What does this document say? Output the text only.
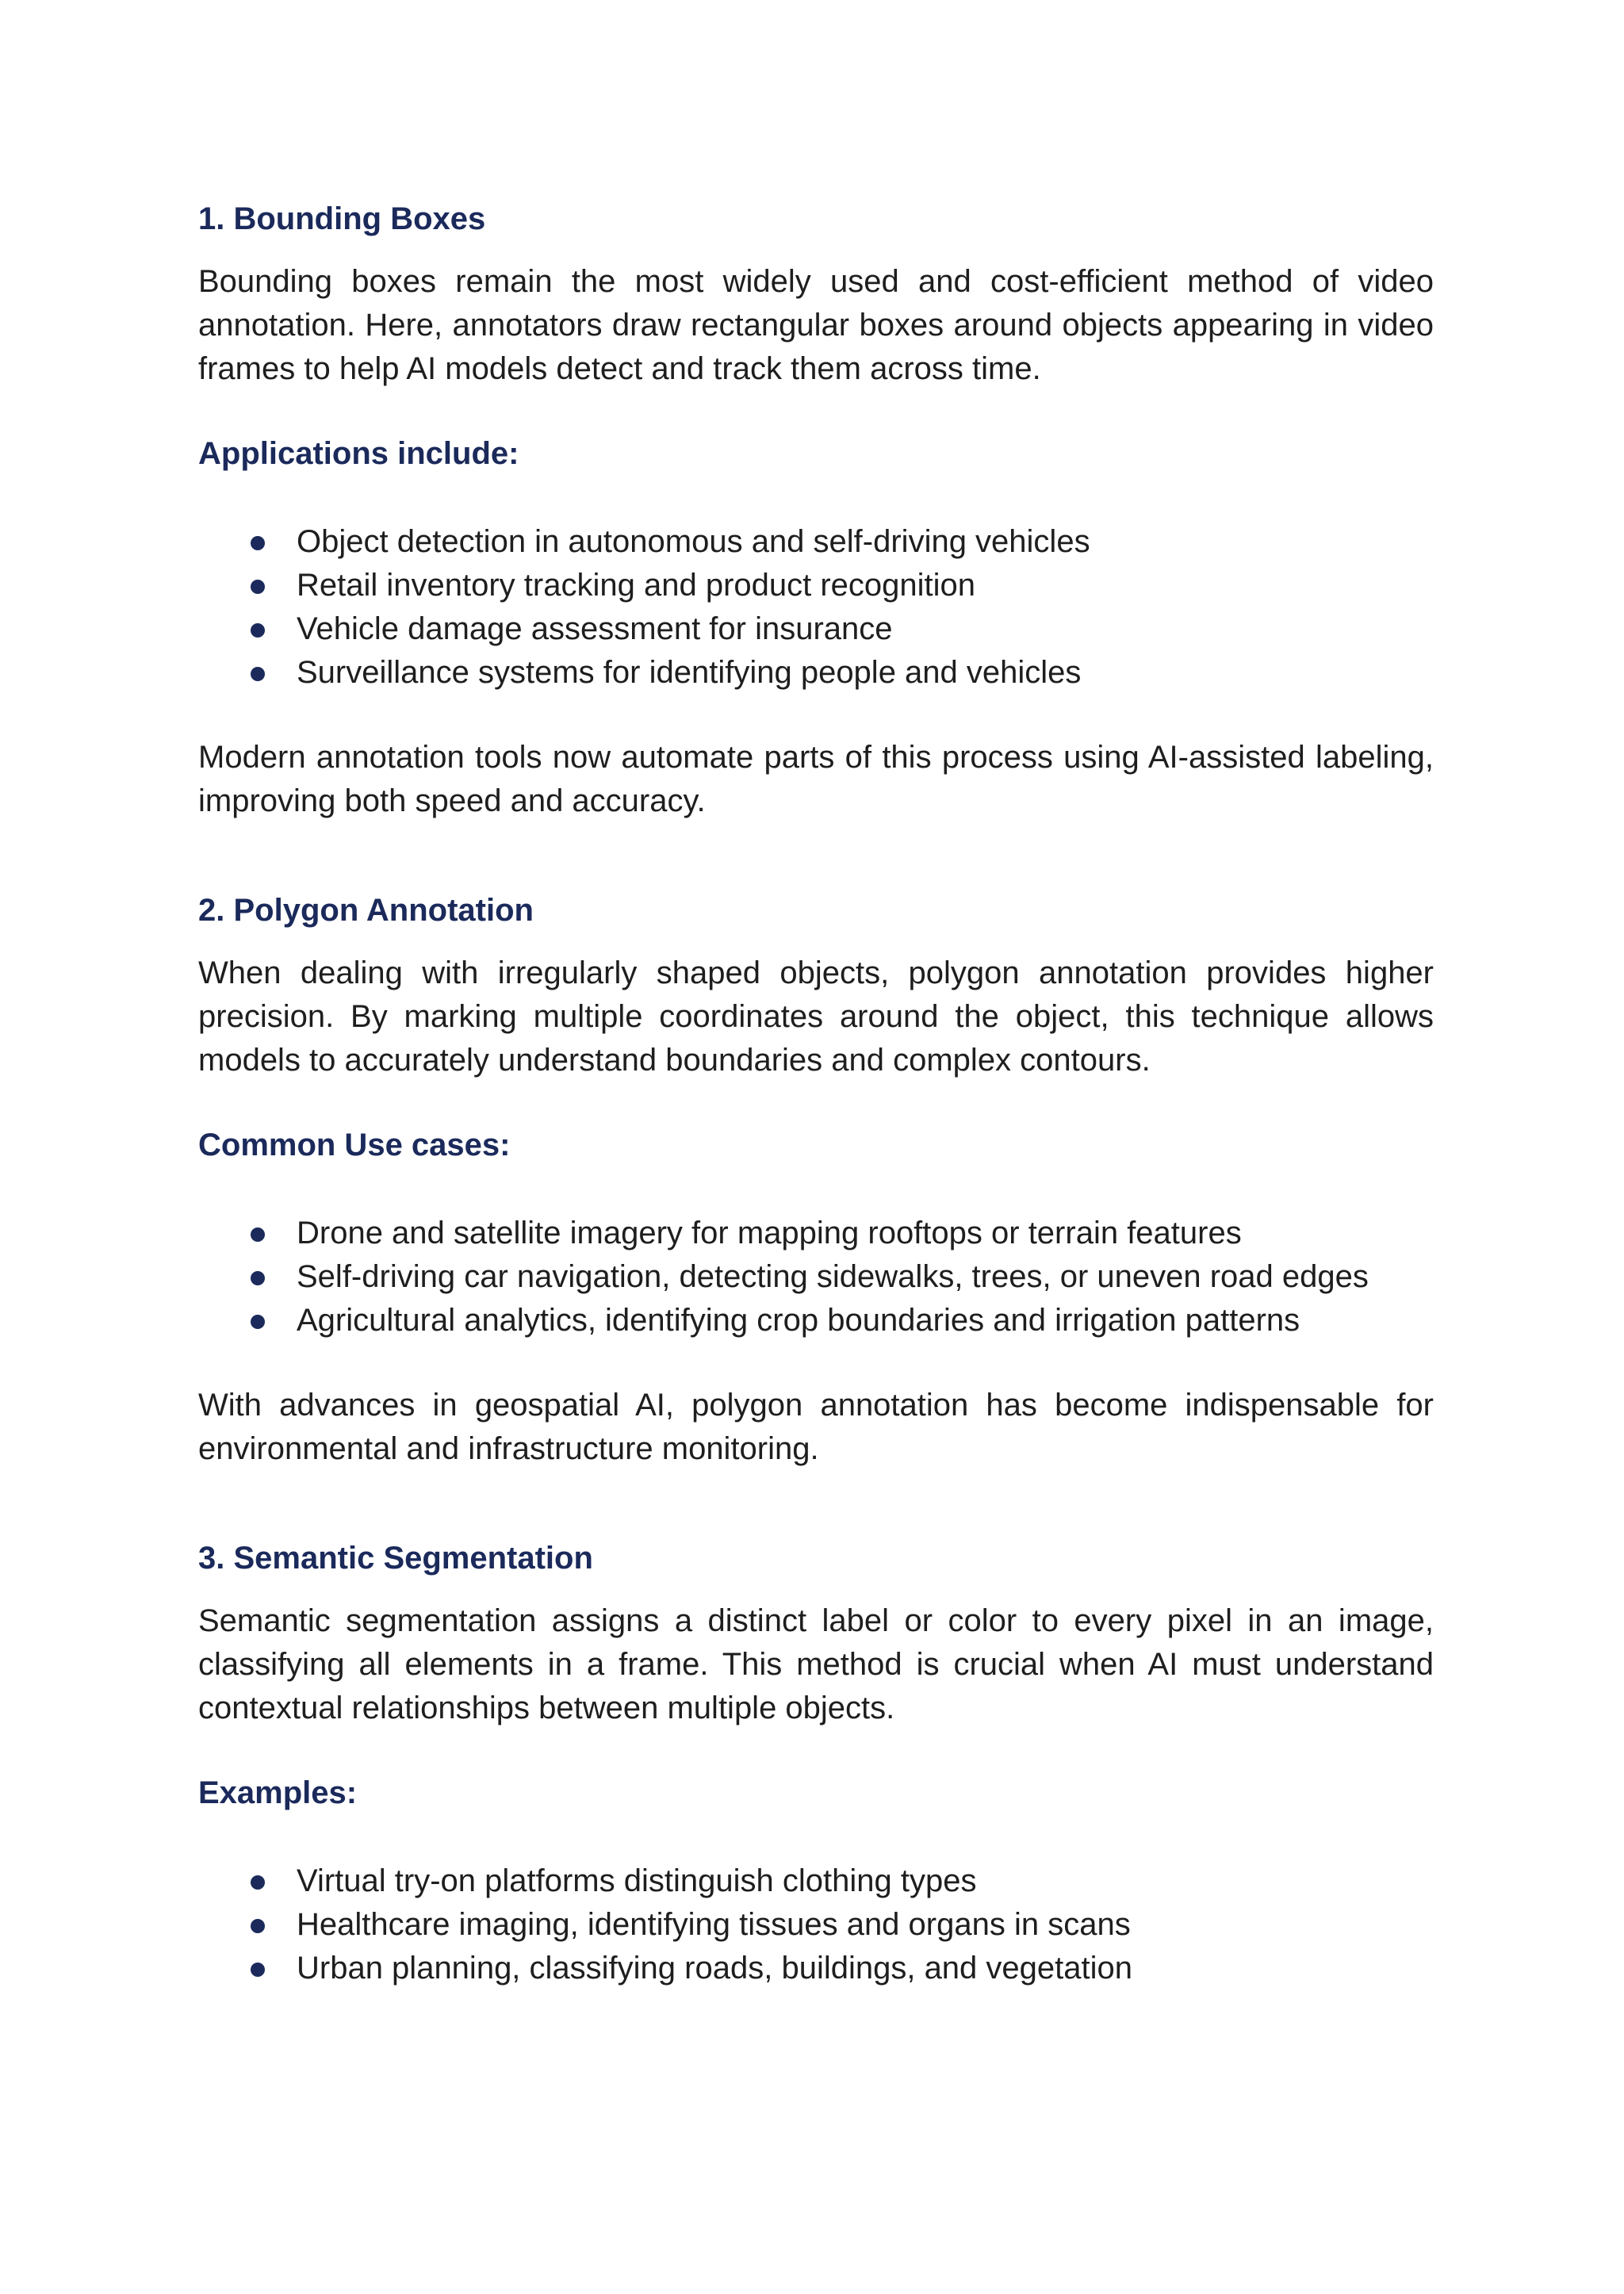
1. Bounding Boxes

Bounding boxes remain the most widely used and cost-efficient method of video annotation. Here, annotators draw rectangular boxes around objects appearing in video frames to help AI models detect and track them across time.

Applications include:
Object detection in autonomous and self-driving vehicles
Retail inventory tracking and product recognition
Vehicle damage assessment for insurance
Surveillance systems for identifying people and vehicles

Modern annotation tools now automate parts of this process using AI-assisted labeling, improving both speed and accuracy.

2. Polygon Annotation

When dealing with irregularly shaped objects, polygon annotation provides higher precision. By marking multiple coordinates around the object, this technique allows models to accurately understand boundaries and complex contours.

Common Use cases:
Drone and satellite imagery for mapping rooftops or terrain features
Self-driving car navigation, detecting sidewalks, trees, or uneven road edges
Agricultural analytics, identifying crop boundaries and irrigation patterns

With advances in geospatial AI, polygon annotation has become indispensable for environmental and infrastructure monitoring.

3. Semantic Segmentation

Semantic segmentation assigns a distinct label or color to every pixel in an image, classifying all elements in a frame. This method is crucial when AI must understand contextual relationships between multiple objects.

Examples:
Virtual try-on platforms distinguish clothing types
Healthcare imaging, identifying tissues and organs in scans
Urban planning, classifying roads, buildings, and vegetation
